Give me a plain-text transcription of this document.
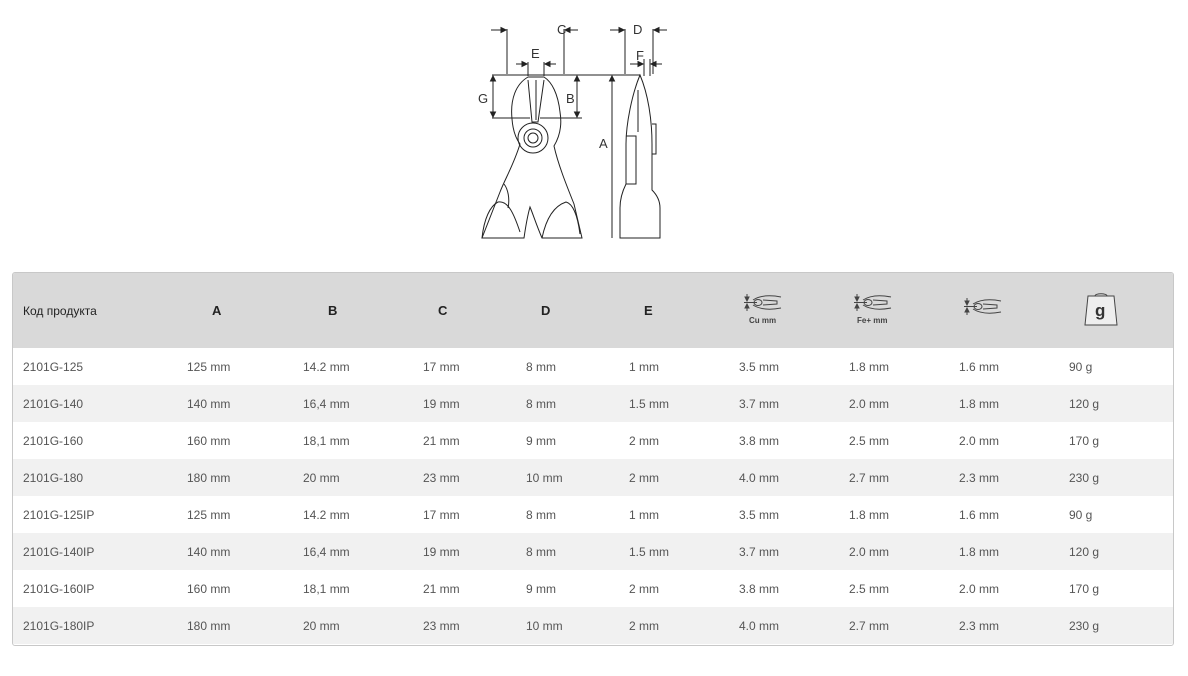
C
E
D
F
G	B
A
Код продукта	A	B	C	D	E	Cu mm	Fe+ mm		g

2101G-125	125 mm	14.2 mm	17 mm	8 mm	1 mm	3.5 mm	1.8 mm	1.6 mm	90 g
2101G-140	140 mm	16,4 mm	19 mm	8 mm	1.5 mm	3.7 mm	2.0 mm	1.8 mm	120 g
2101G-160	160 mm	18,1 mm	21 mm	9 mm	2 mm	3.8 mm	2.5 mm	2.0 mm	170 g
2101G-180	180 mm	20 mm	23 mm	10 mm	2 mm	4.0 mm	2.7 mm	2.3 mm	230 g
2101G-125IP	125 mm	14.2 mm	17 mm	8 mm	1 mm	3.5 mm	1.8 mm	1.6 mm	90 g
2101G-140IP	140 mm	16,4 mm	19 mm	8 mm	1.5 mm	3.7 mm	2.0 mm	1.8 mm	120 g
2101G-160IP	160 mm	18,1 mm	21 mm	9 mm	2 mm	3.8 mm	2.5 mm	2.0 mm	170 g
2101G-180IP	180 mm	20 mm	23 mm	10 mm	2 mm	4.0 mm	2.7 mm	2.3 mm	230 g
